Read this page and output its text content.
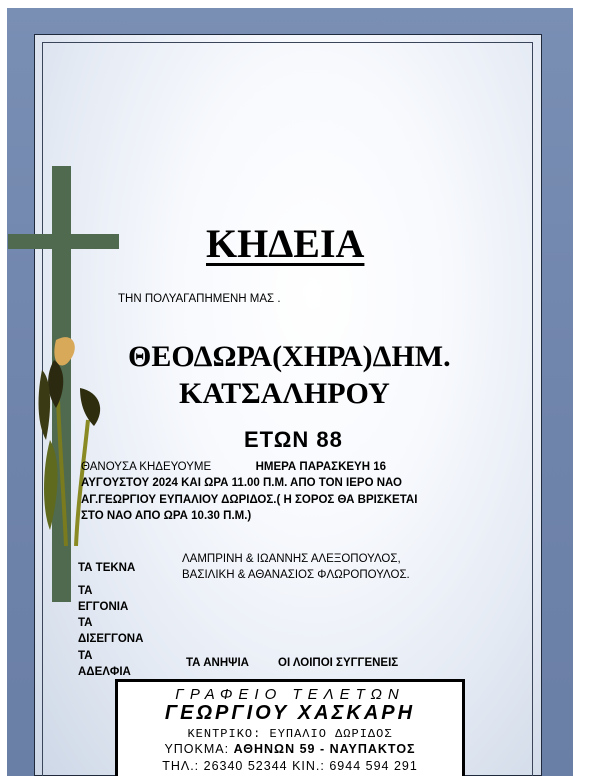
ΚΗΔΕΙΑ
ΤΗΝ ΠΟΛΥΑΓΑΠΗΜΕΝΗ ΜΑΣ .
ΘΕΟΔΩΡΑ(ΧΗΡΑ)ΔΗΜ.
ΚΑΤΣΑΛΗΡΟΥ
ΕΤΩΝ 88
ΘΑΝΟΥΣΑ ΚΗΔΕΥΟΥΜΕ	ΗΜΕΡΑ ΠΑΡΑΣΚΕΥΗ 16
ΑΥΓΟΥΣΤΟΥ 2024 ΚΑΙ ΩΡΑ 11.00 Π.Μ. ΑΠΟ ΤΟΝ ΙΕΡΟ ΝΑΟ
ΑΓ.ΓΕΩΡΓΙΟΥ ΕΥΠΑΛΙΟΥ ΔΩΡΙΔΟΣ.( Η ΣΟΡΟΣ ΘΑ ΒΡΙΣΚΕΤΑΙ
ΣΤΟ ΝΑΟ ΑΠΟ ΩΡΑ 10.30 Π.Μ.)
ΤΑ ΤΕΚΝΑ
ΛΑΜΠΡΙΝΗ & ΙΩΑΝΝΗΣ ΑΛΕΞΟΠΟΥΛΟΣ,
ΒΑΣΙΛΙΚΗ & ΑΘΑΝΑΣΙΟΣ ΦΛΩΡΟΠΟΥΛΟΣ.
ΤΑ
ΕΓΓΟΝΙΑ
ΤΑ
ΔΙΣΕΓΓΟΝΑ
ΤΑ
ΑΔΕΛΦΙΑ
ΤΑ ΑΝΗΨΙΑ	ΟΙ ΛΟΙΠΟΙ ΣΥΓΓΕΝΕΙΣ
ΓΡΑΦΕΙΟ ΤΕΛΕΤΩΝ
ΓΕΩΡΓΙΟΥ ΧΑΣΚΑΡΗ
ΚΕΝΤΡΙΚΟ: ΕΥΠΑΛΙΟ ΔΩΡΙΔΟΣ
ΥΠΟΚΜΑ: ΑΘΗΝΩΝ 59 - ΝΑΥΠΑΚΤΟΣ
ΤΗΛ.: 26340 52344 ΚΙΝ.: 6944 594 291
